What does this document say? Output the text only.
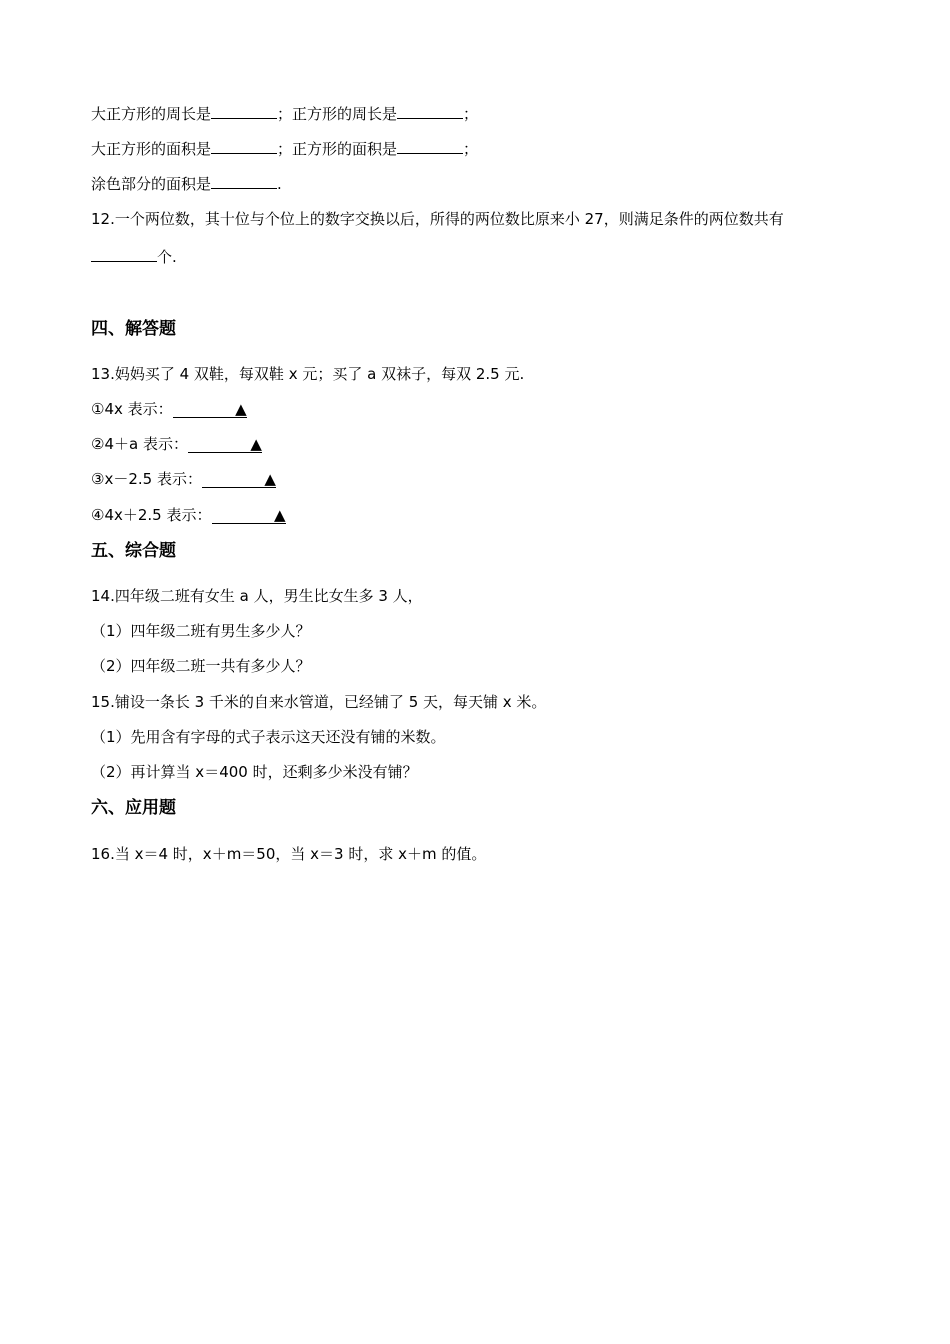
大正方形的周长是	；正方形的周长是	；
大正方形的面积是	；正方形的面积是	；
涂色部分的面积是	.
12.一个两位数，其十位与个位上的数字交换以后，所得的两位数比原来小 27，则满足条件的两位数共有
个.
四、解答题
13.妈妈买了 4 双鞋，每双鞋 x 元；买了 a 双袜子，每双 2.5 元.
①4x 表示：	▲
②4＋a 表示：	▲
③x－2.5 表示：	▲
④4x＋2.5 表示：	▲
五、综合题
14.四年级二班有女生 a 人，男生比女生多 3 人，
（1）四年级二班有男生多少人？
（2）四年级二班一共有多少人？
15.铺设一条长 3 千米的自来水管道，已经铺了 5 天，每天铺 x 米。
（1）先用含有字母的式子表示这天还没有铺的米数。
（2）再计算当 x＝400 时，还剩多少米没有铺？
六、应用题
16.当 x＝4 时，x＋m＝50，当 x＝3 时，求 x＋m 的值。
